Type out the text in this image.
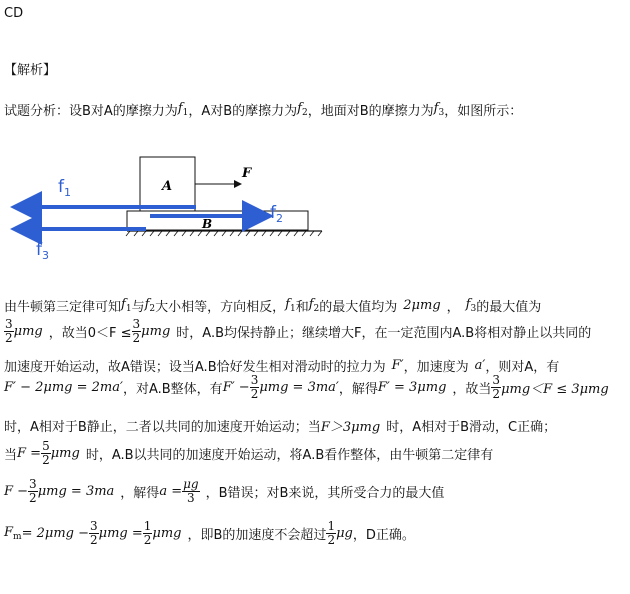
CD
【解析】
试题分析：设B对A的摩擦力为 $f_1$ ，A对B的摩擦力为 $f_2$ ，地面对B的摩擦力为 $f_3$ ，如图所示：
A
B
F
$f_1$
$f_2$
$f_3$
由牛顿第三定律可知 $f_1$ 与 $f_2$ 大小相等，方向相反， $f_1$ 和 $f_2$ 的最大值均为 2μmg ， $f_3$ 的最大值为
$\frac{3}{2}$ μmg ，故当$0<F \le \frac{3}{2}$ μmg 时，A.B均保持静止；继续增大F，在一定范围内A.B将相对静止以共同的
加速度开始运动，故A错误；设当A.B恰好发生相对滑动时的拉力为 F′ ，加速度为 a′ ，则对A，有
F′ − 2μmg = 2ma′ ，对A.B整体，有 $F' - \frac{3}{2}$ μmg = 3ma′ ，解得 F′ = 3μmg ，故当 $\frac{3}{2} \mu mg<F \le 3\mu mg$
时，A相对于B静止，二者以共同的加速度开始运动；当 F＞3μmg 时，A相对于B滑动，C正确；
当 $F = \frac{5}{2}$ μmg 时，A.B以共同的加速度开始运动，将A.B看作整体，由牛顿第二定律有
$F - \frac{3}{2}$ μmg = 3ma ，解得 $a = \frac{\mu g}{3}$ ，B错误；对B来说，其所受合力的最大值
$F_m = 2\mu mg - \frac{3}{2}$ $\mu mg = \frac{1}{2}$ μmg ，即B的加速度不会超过 $\frac{1}{2}$ μg ，D正确。
